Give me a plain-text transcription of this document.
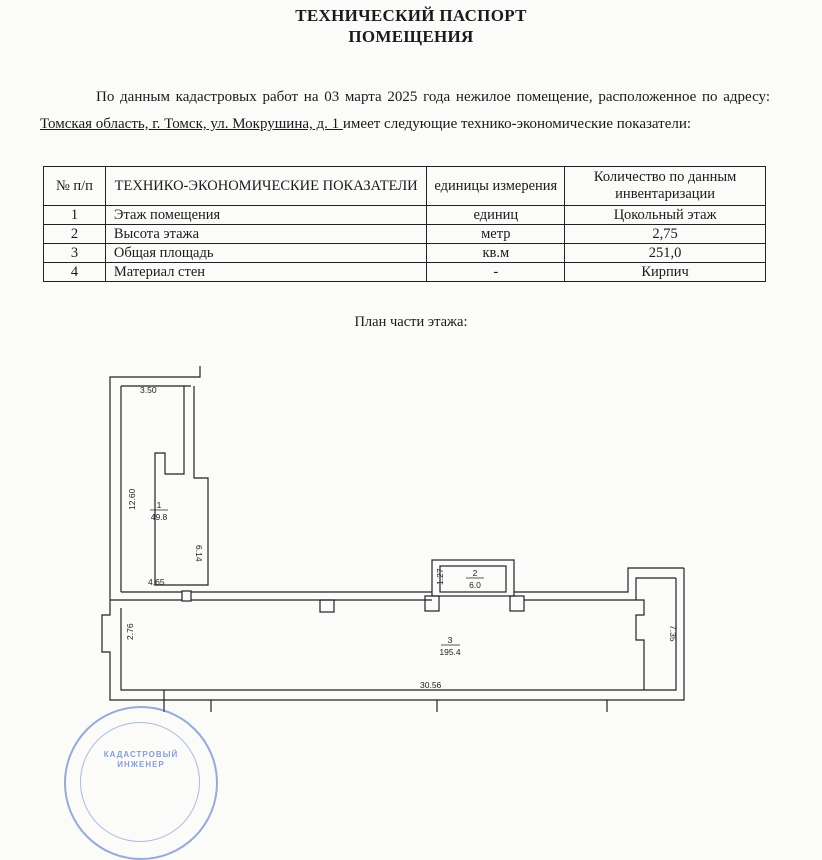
ТЕХНИЧЕСКИЙ ПАСПОРТ
ПОМЕЩЕНИЯ
По данным кадастровых работ на 03 марта 2025 года нежилое помещение, расположенное по адресу: Томская область, г. Томск, ул. Мокрушина, д. 1 имеет следующие технико-экономические показатели:
№ п/п	ТЕХНИКО-ЭКОНОМИЧЕСКИЕ ПОКАЗАТЕЛИ	единицы измерения	Количество по данным инвентаризации
1	Этаж помещения	единиц	Цокольный этаж
2	Высота этажа	метр	2,75
3	Общая площадь	кв.м	251,0
4	Материал стен	-	Кирпич
План части этажа:
1
49.8
2
6.0
3
195.4
3.50
12.60
6.14
4.65
2.76
1.27
7.35
30.56
КАДАСТРОВЫЙ
ИНЖЕНЕР
